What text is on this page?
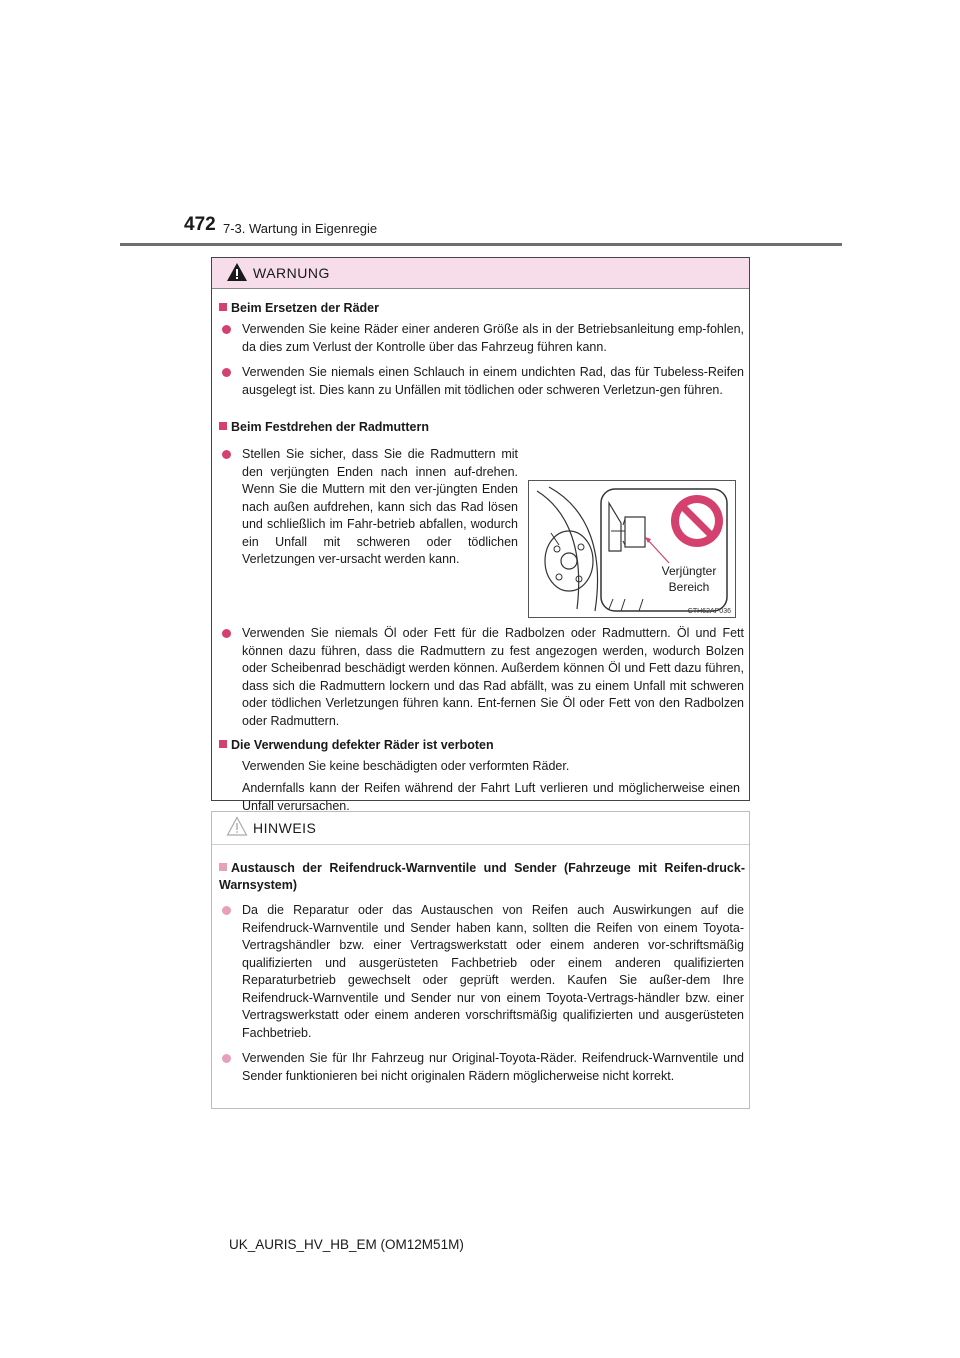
472 7-3. Wartung in Eigenregie
WARNUNG
Beim Ersetzen der Räder
Verwenden Sie keine Räder einer anderen Größe als in der Betriebsanleitung emp-fohlen, da dies zum Verlust der Kontrolle über das Fahrzeug führen kann.
Verwenden Sie niemals einen Schlauch in einem undichten Rad, das für Tubeless-Reifen ausgelegt ist. Dies kann zu Unfällen mit tödlichen oder schweren Verletzun-gen führen.
Beim Festdrehen der Radmuttern
Stellen Sie sicher, dass Sie die Radmuttern mit den verjüngten Enden nach innen auf-drehen. Wenn Sie die Muttern mit den ver-jüngten Enden nach außen aufdrehen, kann sich das Rad lösen und schließlich im Fahr-betrieb abfallen, wodurch ein Unfall mit schweren oder tödlichen Verletzungen ver-ursacht werden kann.
Verjüngter
Bereich
CTH62AP036
Verwenden Sie niemals Öl oder Fett für die Radbolzen oder Radmuttern. Öl und Fett können dazu führen, dass die Radmuttern zu fest angezogen werden, wodurch Bolzen oder Scheibenrad beschädigt werden können. Außerdem können Öl und Fett dazu führen, dass sich die Radmuttern lockern und das Rad abfällt, was zu einem Unfall mit schweren oder tödlichen Verletzungen führen kann. Ent-fernen Sie Öl oder Fett von den Radbolzen oder Radmuttern.
Die Verwendung defekter Räder ist verboten
Verwenden Sie keine beschädigten oder verformten Räder.
Andernfalls kann der Reifen während der Fahrt Luft verlieren und möglicherweise einen Unfall verursachen.
HINWEIS
Austausch der Reifendruck-Warnventile und Sender (Fahrzeuge mit Reifen-druck-Warnsystem)
Da die Reparatur oder das Austauschen von Reifen auch Auswirkungen auf die Reifendruck-Warnventile und Sender haben kann, sollten die Reifen von einem Toyota-Vertragshändler bzw. einer Vertragswerkstatt oder einem anderen vor-schriftsmäßig qualifizierten und ausgerüsteten Fachbetrieb oder einem anderen qualifizierten Reparaturbetrieb gewechselt oder geprüft werden. Kaufen Sie außer-dem Ihre Reifendruck-Warnventile und Sender nur von einem Toyota-Vertrags-händler bzw. einer Vertragswerkstatt oder einem anderen vorschriftsmäßig qualifizierten und ausgerüsteten Fachbetrieb.
Verwenden Sie für Ihr Fahrzeug nur Original-Toyota-Räder. Reifendruck-Warnventile und Sender funktionieren bei nicht originalen Rädern möglicherweise nicht korrekt.
UK_AURIS_HV_HB_EM (OM12M51M)
